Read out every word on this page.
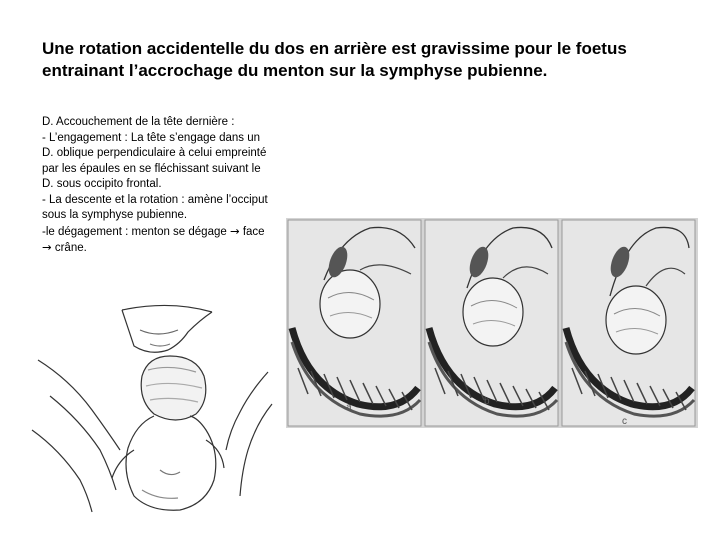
Une rotation accidentelle du dos en arrière est gravissime pour le foetus
entrainant l’accrochage du menton sur la symphyse pubienne.

D. Accouchement de la tête dernière :

- L’engagement : La tête s’engage dans un D. oblique perpendiculaire à celui empreinté par les épaules en se fléchissant suivant le D. sous occipito frontal.

- La descente et la rotation : amène l’occiput sous la symphyse pubienne.

-le dégagement : menton se dégage → face → crâne.

a
b
c
